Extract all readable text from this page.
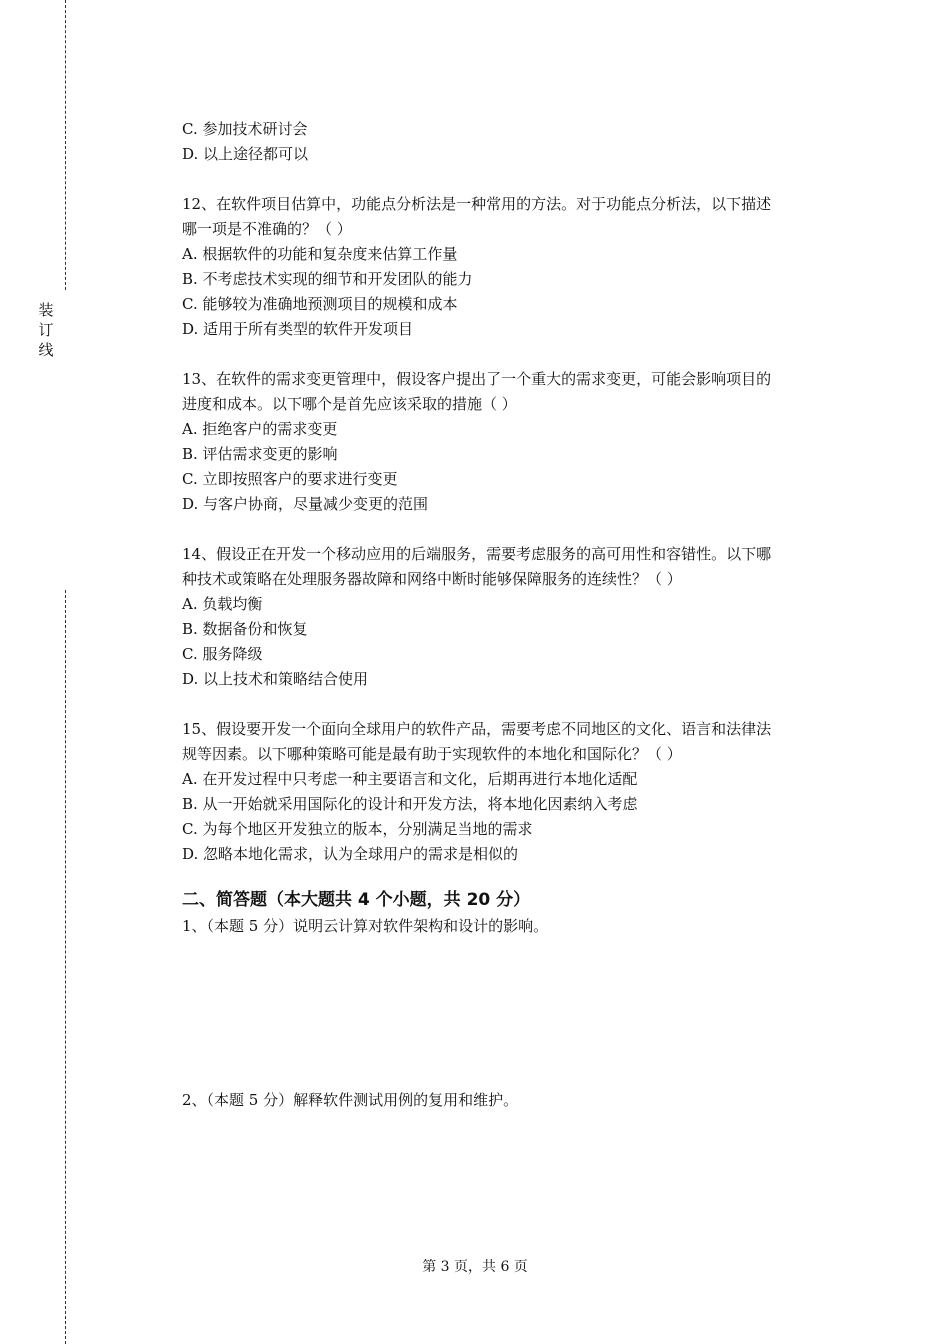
装
订
线

C. 参加技术研讨会

D. 以上途径都可以

12、在软件项目估算中，功能点分析法是一种常用的方法。对于功能点分析法，以下描述

哪一项是不准确的？（ ）

A. 根据软件的功能和复杂度来估算工作量

B. 不考虑技术实现的细节和开发团队的能力

C. 能够较为准确地预测项目的规模和成本

D. 适用于所有类型的软件开发项目

13、在软件的需求变更管理中，假设客户提出了一个重大的需求变更，可能会影响项目的

进度和成本。以下哪个是首先应该采取的措施（ ）

A. 拒绝客户的需求变更

B. 评估需求变更的影响

C. 立即按照客户的要求进行变更

D. 与客户协商，尽量减少变更的范围

14、假设正在开发一个移动应用的后端服务，需要考虑服务的高可用性和容错性。以下哪

种技术或策略在处理服务器故障和网络中断时能够保障服务的连续性？（ ）

A. 负载均衡

B. 数据备份和恢复

C. 服务降级

D. 以上技术和策略结合使用

15、假设要开发一个面向全球用户的软件产品，需要考虑不同地区的文化、语言和法律法

规等因素。以下哪种策略可能是最有助于实现软件的本地化和国际化？（ ）

A. 在开发过程中只考虑一种主要语言和文化，后期再进行本地化适配

B. 从一开始就采用国际化的设计和开发方法，将本地化因素纳入考虑

C. 为每个地区开发独立的版本，分别满足当地的需求

D. 忽略本地化需求，认为全球用户的需求是相似的

二、简答题（本大题共 4 个小题，共 20 分）

1、（本题 5 分）说明云计算对软件架构和设计的影响。

2、（本题 5 分）解释软件测试用例的复用和维护。

第 3 页，共 6 页
